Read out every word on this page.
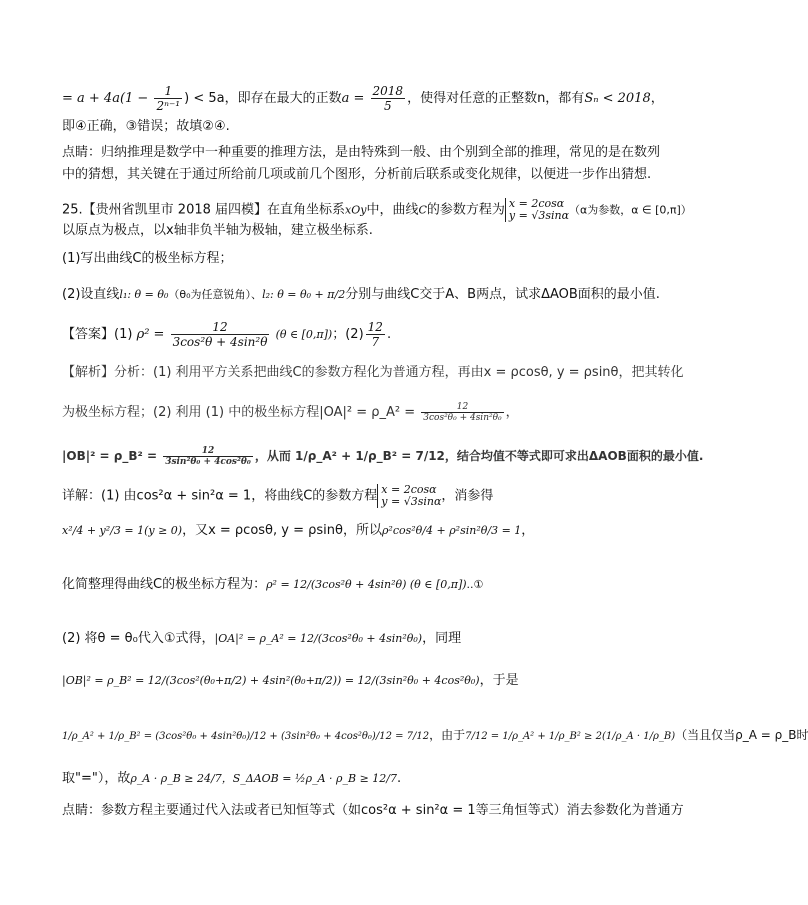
= $a + 4a(1 - \frac{1}{\text{2ⁿ⁻¹}}$ ) < 5a，即存在最大的正数$a = \frac{2018}{5}$ ，使得对任意的正整数n，都有Sₙ < 2018，
即④正确，③错误；故填②④.
点睛：归纳推理是数学中一种重要的推理方法，是由特殊到一般、由个别到全部的推理，常见的是在数列
中的猜想，其关键在于通过所给前几项或前几个图形，分析前后联系或变化规律，以便进一步作出猜想.
25.【贵州省凯里市 2018 届四模】在直角坐标系xOy中，曲线C的参数方程为 x = 2cosα
y = √3sinα （α为参数，α ∈ [0,π]）
以原点为极点，以x轴非负半轴为极轴，建立极坐标系.
(1)写出曲线C的极坐标方程；
(2)设直线l₁: θ = θ₀（θ₀为任意锐角）、l₂: θ = θ₀ + π/2分别与曲线C交于A、B两点，试求ΔAOB面积的最小值.
【答案】(1) $\rho^2 = \frac{12}{\text{3cos²θ + 4sin²θ}} (\theta$ ∈ [0,π])；$(2) \frac{12}{7}$ .
【解析】分析：(1) 利用平方关系把曲线C的参数方程化为普通方程，再由x = ρcosθ, y = ρsinθ，把其转化
为极坐标方程；(2) 利用 (1) 中的极坐标方程|OA|² = ρ_A² = $\frac{12}{\text{3cos²θ₀ + 4sin²θ₀}}$ ，
|OB|² = ρ_B² = $\frac{12}{\text{3sin²θ₀ + 4cos²θ₀}}$ ，从而 1/ρ_A² + 1/ρ_B² = 7/12，结合均值不等式即可求出ΔAOB面积的最小值.
详解：(1) 由cos²α + sin²α = 1，将曲线C的参数方程 x = 2cosα
y = √3sinα ，消参得
x²/4 + y²/3 = 1(y ≥ 0)，又x = ρcosθ, y = ρsinθ，所以ρ²cos²θ/4 + ρ²sin²θ/3 = 1，
化简整理得曲线C的极坐标方程为：ρ² = 12/(3cos²θ + 4sin²θ) (θ ∈ [0,π])..①
(2) 将θ = θ₀代入①式得，|OA|² = ρ_A² = 12/(3cos²θ₀ + 4sin²θ₀)，同理
|OB|² = ρ_B² = 12/(3cos²(θ₀+π/2) + 4sin²(θ₀+π/2)) = 12/(3sin²θ₀ + 4cos²θ₀)，于是
1/ρ_A² + 1/ρ_B² = (3cos²θ₀ + 4sin²θ₀)/12 + (3sin²θ₀ + 4cos²θ₀)/12 = 7/12，由于7/12 = 1/ρ_A² + 1/ρ_B² ≥ 2(1/ρ_A · 1/ρ_B)（当且仅当ρ_A = ρ_B时
取"="），故ρ_A · ρ_B ≥ 24/7，S_ΔAOB = ½ρ_A · ρ_B ≥ 12/7.
点睛：参数方程主要通过代入法或者已知恒等式（如cos²α + sin²α = 1等三角恒等式）消去参数化为普通方
